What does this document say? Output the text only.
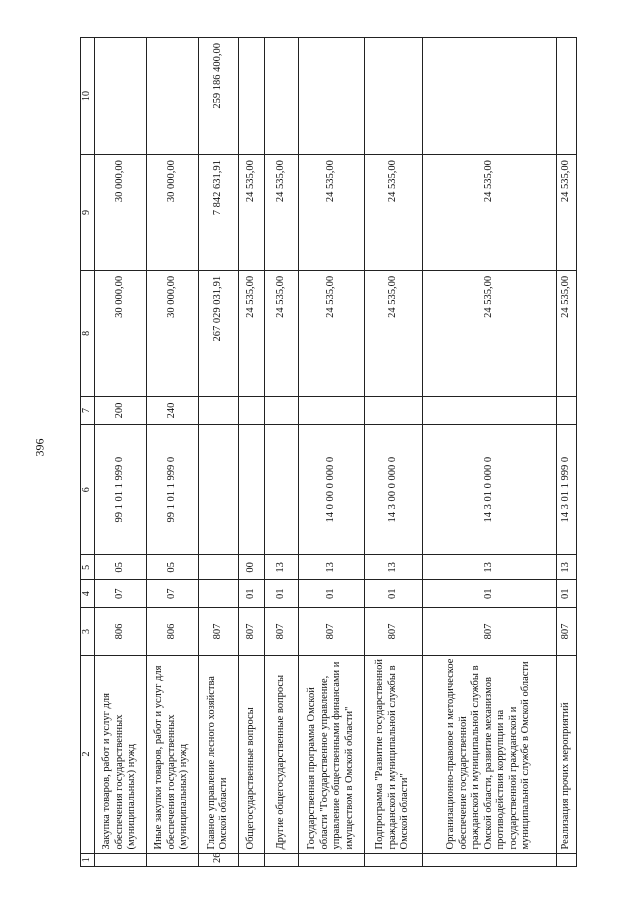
396
1	2	3	4	5	6	7	8	9	10
	Закупка товаров, работ и услуг для обеспечения государственных (муниципальных) нужд	806	07	05	99 1 01 1 999 0	200	30 000,00	30 000,00	
	Иные закупки товаров, работ и услуг для обеспечения государственных (муниципальных) нужд	806	07	05	99 1 01 1 999 0	240	30 000,00	30 000,00	
26	Главное управление лесного хозяйства Омской области	807					267 029 031,91	7 842 631,91	259 186 400,00
	Общегосударственные вопросы	807	01	00			24 535,00	24 535,00	
	Другие общегосударственные вопросы	807	01	13			24 535,00	24 535,00	
	Государственная программа Омской области "Государственное управление, управление общественными финансами и имуществом в Омской области"	807	01	13	14 0 00 0 000 0		24 535,00	24 535,00	
	Подпрограмма "Развитие государственной гражданской и муниципальной службы в Омской области"	807	01	13	14 3 00 0 000 0		24 535,00	24 535,00	
	Организационно-правовое и методическое обеспечение государственной гражданской и муниципальной службы в Омской области, развитие механизмов противодействия коррупции на государственной гражданской и муниципальной службе в Омской области	807	01	13	14 3 01 0 000 0		24 535,00	24 535,00	
	Реализация прочих мероприятий	807	01	13	14 3 01 1 999 0		24 535,00	24 535,00	
